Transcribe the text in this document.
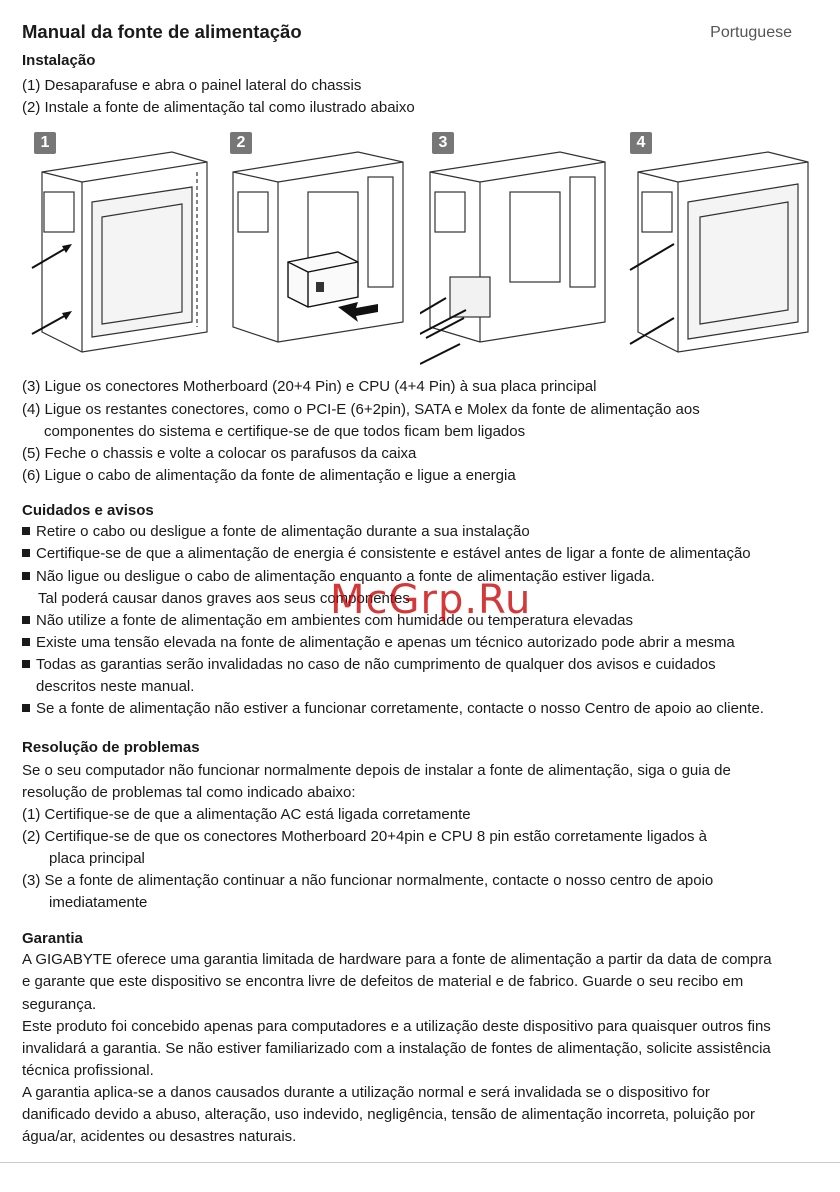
Manual da fonte de alimentação	Portuguese
Instalação
(1) Desaparafuse e abra o painel lateral do chassis
(2) Instale a fonte de alimentação tal como ilustrado abaixo
1	2	3	4
(3) Ligue os conectores Motherboard (20+4 Pin) e CPU (4+4 Pin) à sua placa principal
(4) Ligue os restantes conectores, como o PCI-E (6+2pin), SATA e Molex da fonte de alimentação aos
componentes do sistema e certifique-se de que todos ficam bem ligados
(5) Feche o chassis e volte a colocar os parafusos da caixa
(6) Ligue o cabo de alimentação da fonte de alimentação e ligue a energia
Cuidados e avisos
Retire o cabo ou desligue a fonte de alimentação durante a sua instalação
Certifique-se de que a alimentação de energia é consistente e estável antes de ligar a fonte de alimentação
Não ligue ou desligue o cabo de alimentação enquanto a fonte de alimentação estiver ligada.
Tal poderá causar danos graves aos seus componentes
Não utilize a fonte de alimentação em ambientes com humidade ou temperatura elevadas
Existe uma tensão elevada na fonte de alimentação e apenas um técnico autorizado pode abrir a mesma
Todas as garantias serão invalidadas no caso de não cumprimento de qualquer dos avisos e cuidados
descritos neste manual.
Se a fonte de alimentação não estiver a funcionar corretamente, contacte o nosso Centro de apoio ao cliente.
McGrp.Ru
Resolução de problemas
Se o seu computador não funcionar normalmente depois de instalar a fonte de alimentação, siga o guia de
resolução de problemas tal como indicado abaixo:
(1) Certifique-se de que a alimentação AC está ligada corretamente
(2) Certifique-se de que os conectores Motherboard 20+4pin e CPU 8 pin estão corretamente ligados à
placa principal
(3) Se a fonte de alimentação continuar a não funcionar normalmente, contacte o nosso centro de apoio
imediatamente
Garantia
A GIGABYTE oferece uma garantia limitada de hardware para a fonte de alimentação a partir da data de compra
e garante que este dispositivo se encontra livre de defeitos de material e de fabrico. Guarde o seu recibo em
segurança.
Este produto foi concebido apenas para computadores e a utilização deste dispositivo para quaisquer outros fins
invalidará a garantia. Se não estiver familiarizado com a instalação de fontes de alimentação, solicite assistência
técnica profissional.
A garantia aplica-se a danos causados durante a utilização normal e será invalidada se o dispositivo for
danificado devido a abuso, alteração, uso indevido, negligência, tensão de alimentação incorreta, poluição por
água/ar, acidentes ou desastres naturais.
